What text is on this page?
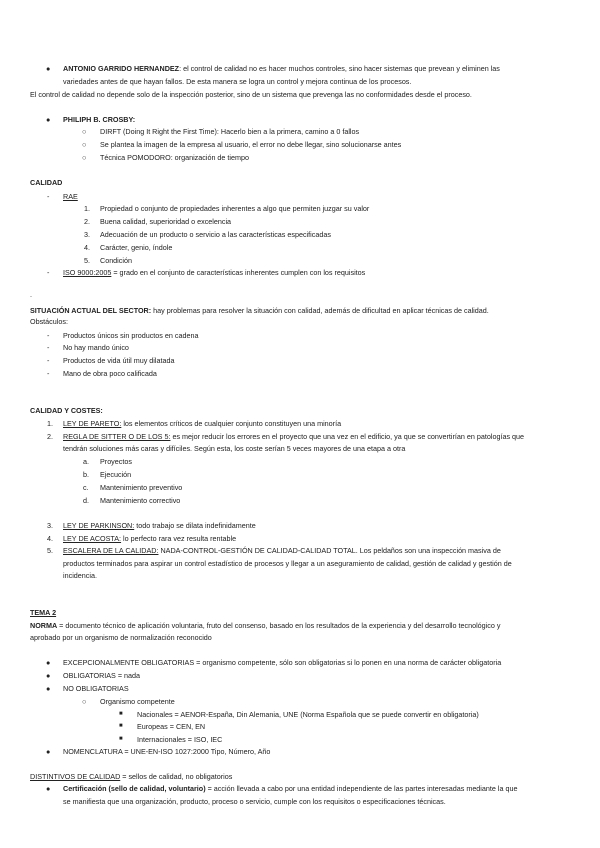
● ANTONIO GARRIDO HERNANDEZ: el control de calidad no es hacer muchos controles, sino hacer sistemas que prevean y eliminen las
variedades antes de que hayan fallos. De esta manera se logra un control y mejora continua de los procesos.
El control de calidad no depende solo de la inspección posterior, sino de un sistema que prevenga las no conformidades desde el proceso.
● PHILIPH B. CROSBY:
○ DIRFT (Doing It Right the First Time): Hacerlo bien a la primera, camino a 0 fallos
○ Se plantea la imagen de la empresa al usuario, el error no debe llegar, sino solucionarse antes
○ Técnica POMODORO: organización de tiempo
CALIDAD
- RAE
1. Propiedad o conjunto de propiedades inherentes a algo que permiten juzgar su valor
2. Buena calidad, superioridad o excelencia
3. Adecuación de un producto o servicio a las características especificadas
4. Carácter, genio, índole
5. Condición
- ISO 9000:2005 = grado en el conjunto de características inherentes cumplen con los requisitos
.
SITUACIÓN ACTUAL DEL SECTOR: hay problemas para resolver la situación con calidad, además de dificultad en aplicar técnicas de calidad.
Obstáculos:
- Productos únicos sin productos en cadena
- No hay mando único
- Productos de vida útil muy dilatada
- Mano de obra poco calificada
CALIDAD Y COSTES:
1. LEY DE PARETO: los elementos críticos de cualquier conjunto constituyen una minoría
2. REGLA DE SITTER O DE LOS 5: es mejor reducir los errores en el proyecto que una vez en el edificio, ya que se convertirían en patologías que
tendrán soluciones más caras y difíciles. Según esta, los coste serían 5 veces mayores de una etapa a otra
a. Proyectos
b. Ejecución
c. Mantenimiento preventivo
d. Mantenimiento correctivo
3. LEY DE PARKINSON: todo trabajo se dilata indefinidamente
4. LEY DE ACOSTA: lo perfecto rara vez resulta rentable
5. ESCALERA DE LA CALIDAD: NADA-CONTROL-GESTIÓN DE CALIDAD-CALIDAD TOTAL. Los peldaños son una inspección masiva de
productos terminados para aspirar un control estadístico de procesos y llegar a un aseguramiento de calidad, gestión de calidad y gestión de
incidencia.
TEMA 2
NORMA = documento técnico de aplicación voluntaria, fruto del consenso, basado en los resultados de la experiencia y del desarrollo tecnológico y
aprobado por un organismo de normalización reconocido
● EXCEPCIONALMENTE OBLIGATORIAS = organismo competente, sólo son obligatorias si lo ponen en una norma de carácter obligatoria
● OBLIGATORIAS = nada
● NO OBLIGATORIAS
○ Organismo competente
■ Nacionales = AENOR-España, Din Alemania, UNE (Norma Española que se puede convertir en obligatoria)
■ Europeas = CEN, EN
■ Internacionales = ISO, IEC
● NOMENCLATURA = UNE-EN-ISO 1027:2000 Tipo, Número, Año
DISTINTIVOS DE CALIDAD = sellos de calidad, no obligatorios
● Certificación (sello de calidad, voluntario) = acción llevada a cabo por una entidad independiente de las partes interesadas mediante la que
se manifiesta que una organización, producto, proceso o servicio, cumple con los requisitos o especificaciones técnicas.
